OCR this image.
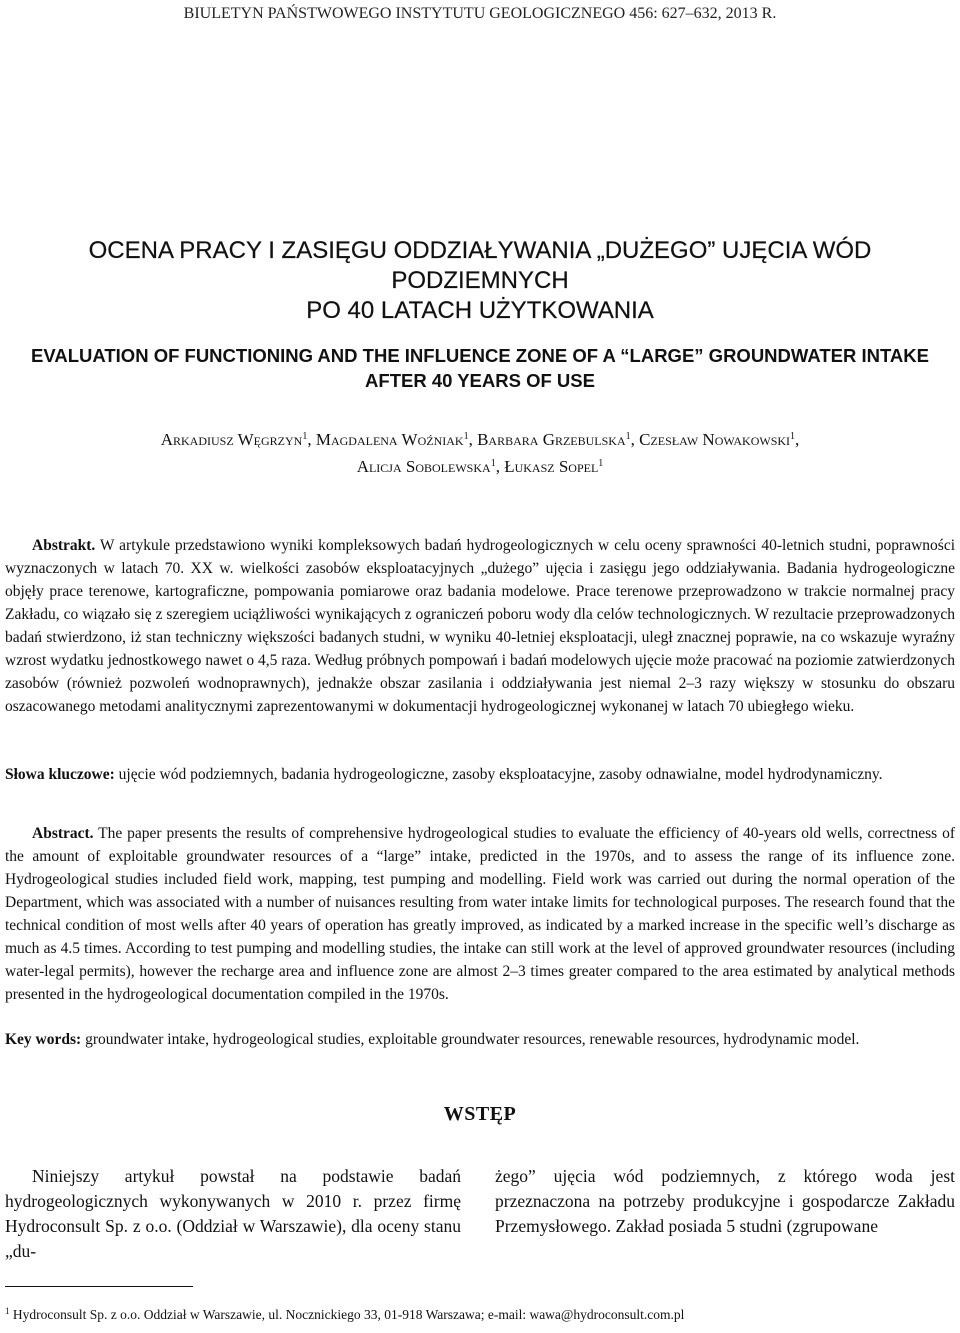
BIULETYN PAŃSTWOWEGO INSTYTUTU GEOLOGICZNEGO 456: 627–632, 2013 R.
OCENA PRACY I ZASIĘGU ODDZIAŁYWANIA „DUŻEGO” UJĘCIA WÓD PODZIEMNYCH
PO 40 LATACH UŻYTKOWANIA
EVALUATION OF FUNCTIONING AND THE INFLUENCE ZONE OF A “LARGE” GROUNDWATER INTAKE
AFTER 40 YEARS OF USE
Arkadiusz Węgrzyn$^1$, Magdalena Woźniak$^1$, Barbara Grzebulska$^1$, Czesław Nowakowski$^1$,
Alicja Sobolewska$^1$, Łukasz Sopel$^1$
Abstrakt. W artykule przedstawiono wyniki kompleksowych badań hydrogeologicznych w celu oceny sprawności 40-letnich studni, poprawności wyznaczonych w latach 70. XX w. wielkości zasobów eksploatacyjnych „dużego” ujęcia i zasięgu jego oddziaływania. Badania hydrogeologiczne objęły prace terenowe, kartograficzne, pompowania pomiarowe oraz badania modelowe. Prace terenowe przeprowadzono w trakcie normalnej pracy Zakładu, co wiązało się z szeregiem uciążliwości wynikających z ograniczeń poboru wody dla celów technologicznych. W rezultacie przeprowadzonych badań stwierdzono, iż stan techniczny większości badanych studni, w wyniku 40-letniej eksploatacji, uległ znacznej poprawie, na co wskazuje wyraźny wzrost wydatku jednostkowego nawet o 4,5 raza. Według próbnych pompowań i badań modelowych ujęcie może pracować na poziomie zatwierdzonych zasobów (również pozwoleń wodnoprawnych), jednakże obszar zasilania i oddziaływania jest niemal 2–3 razy większy w stosunku do obszaru oszacowanego metodami analitycznymi zaprezentowanymi w dokumentacji hydrogeologicznej wykonanej w latach 70 ubiegłego wieku.
Słowa kluczowe: ujęcie wód podziemnych, badania hydrogeologiczne, zasoby eksploatacyjne, zasoby odnawialne, model hydrodynamiczny.
Abstract. The paper presents the results of comprehensive hydrogeological studies to evaluate the efficiency of 40-years old wells, correctness of the amount of exploitable groundwater resources of a “large” intake, predicted in the 1970s, and to assess the range of its influence zone. Hydrogeological studies included field work, mapping, test pumping and modelling. Field work was carried out during the normal operation of the Department, which was associated with a number of nuisances resulting from water intake limits for technological purposes. The research found that the technical condition of most wells after 40 years of operation has greatly improved, as indicated by a marked increase in the specific well’s discharge as much as 4.5 times. According to test pumping and modelling studies, the intake can still work at the level of approved groundwater resources (including water-legal permits), however the recharge area and influence zone are almost 2–3 times greater compared to the area estimated by analytical methods presented in the hydrogeological documentation compiled in the 1970s.
Key words: groundwater intake, hydrogeological studies, exploitable groundwater resources, renewable resources, hydrodynamic model.
WSTĘP
Niniejszy artykuł powstał na podstawie badań hydrogeologicznych wykonywanych w 2010 r. przez firmę Hydroconsult Sp. z o.o. (Oddział w Warszawie), dla oceny stanu „du-
żego” ujęcia wód podziemnych, z którego woda jest przeznaczona na potrzeby produkcyjne i gospodarcze Zakładu Przemysłowego. Zakład posiada 5 studni (zgrupowane
$^1$ Hydroconsult Sp. z o.o. Oddział w Warszawie, ul. Nocznickiego 33, 01-918 Warszawa; e-mail: wawa@hydroconsult.com.pl
